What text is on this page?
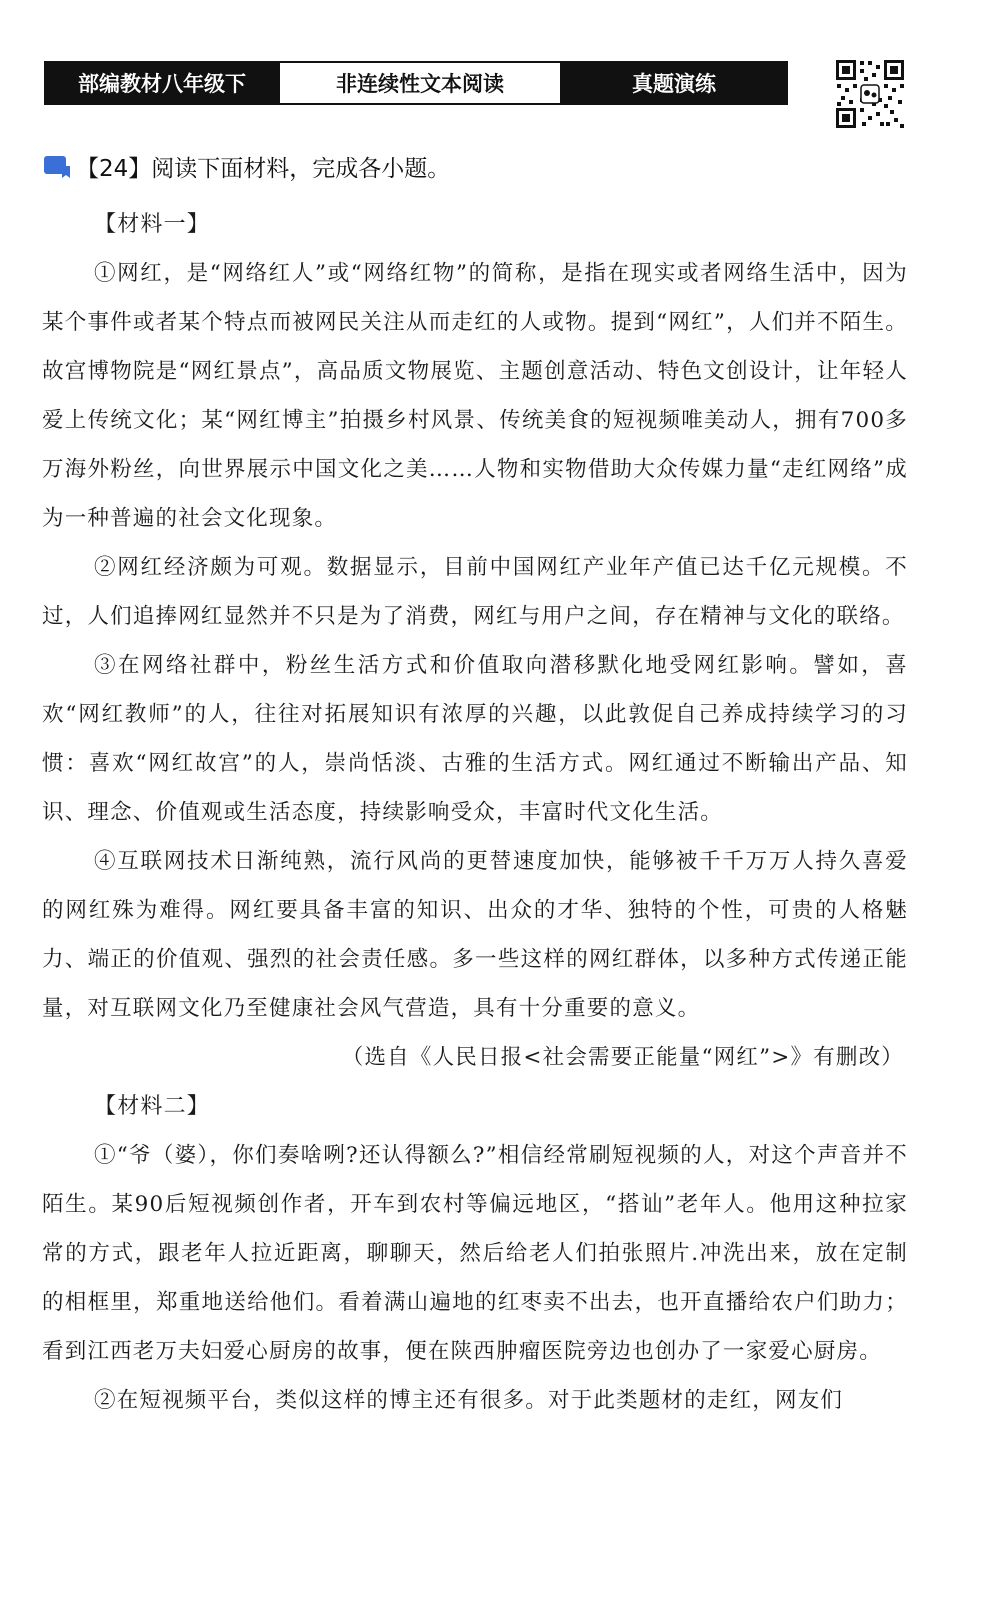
部编教材八年级下	非连续性文本阅读	真题演练
【24】阅读下面材料，完成各小题。
【材料一】

①网红，是“网络红人”或“网络红物”的简称，是指在现实或者网络生活中，因为某个事件或者某个特点而被网民关注从而走红的人或物。提到“网红”，人们并不陌生。故宫博物院是“网红景点”，高品质文物展览、主题创意活动、特色文创设计，让年轻人爱上传统文化；某“网红博主”拍摄乡村风景、传统美食的短视频唯美动人，拥有700多万海外粉丝，向世界展示中国文化之美……人物和实物借助大众传媒力量“走红网络”成为一种普遍的社会文化现象。

②网红经济颇为可观。数据显示，目前中国网红产业年产值已达千亿元规模。不过，人们追捧网红显然并不只是为了消费，网红与用户之间，存在精神与文化的联络。

③在网络社群中，粉丝生活方式和价值取向潜移默化地受网红影响。譬如，喜欢“网红教师”的人，往往对拓展知识有浓厚的兴趣，以此敦促自己养成持续学习的习惯：喜欢“网红故宫”的人，崇尚恬淡、古雅的生活方式。网红通过不断输出产品、知识、理念、价值观或生活态度，持续影响受众，丰富时代文化生活。

④互联网技术日渐纯熟，流行风尚的更替速度加快，能够被千千万万人持久喜爱的网红殊为难得。网红要具备丰富的知识、出众的才华、独特的个性，可贵的人格魅力、端正的价值观、强烈的社会责任感。多一些这样的网红群体，以多种方式传递正能量，对互联网文化乃至健康社会风气营造，具有十分重要的意义。

（选自《人民日报<社会需要正能量“网红”>》有删改）
【材料二】

①“爷（婆），你们奏啥咧?还认得额么?”相信经常刷短视频的人，对这个声音并不陌生。某90后短视频创作者，开车到农村等偏远地区，“搭讪”老年人。他用这种拉家常的方式，跟老年人拉近距离，聊聊天，然后给老人们拍张照片.冲洗出来，放在定制的相框里，郑重地送给他们。看着满山遍地的红枣卖不出去，也开直播给农户们助力；看到江西老万夫妇爱心厨房的故事，便在陕西肿瘤医院旁边也创办了一家爱心厨房。

②在短视频平台，类似这样的博主还有很多。对于此类题材的走红，网友们
